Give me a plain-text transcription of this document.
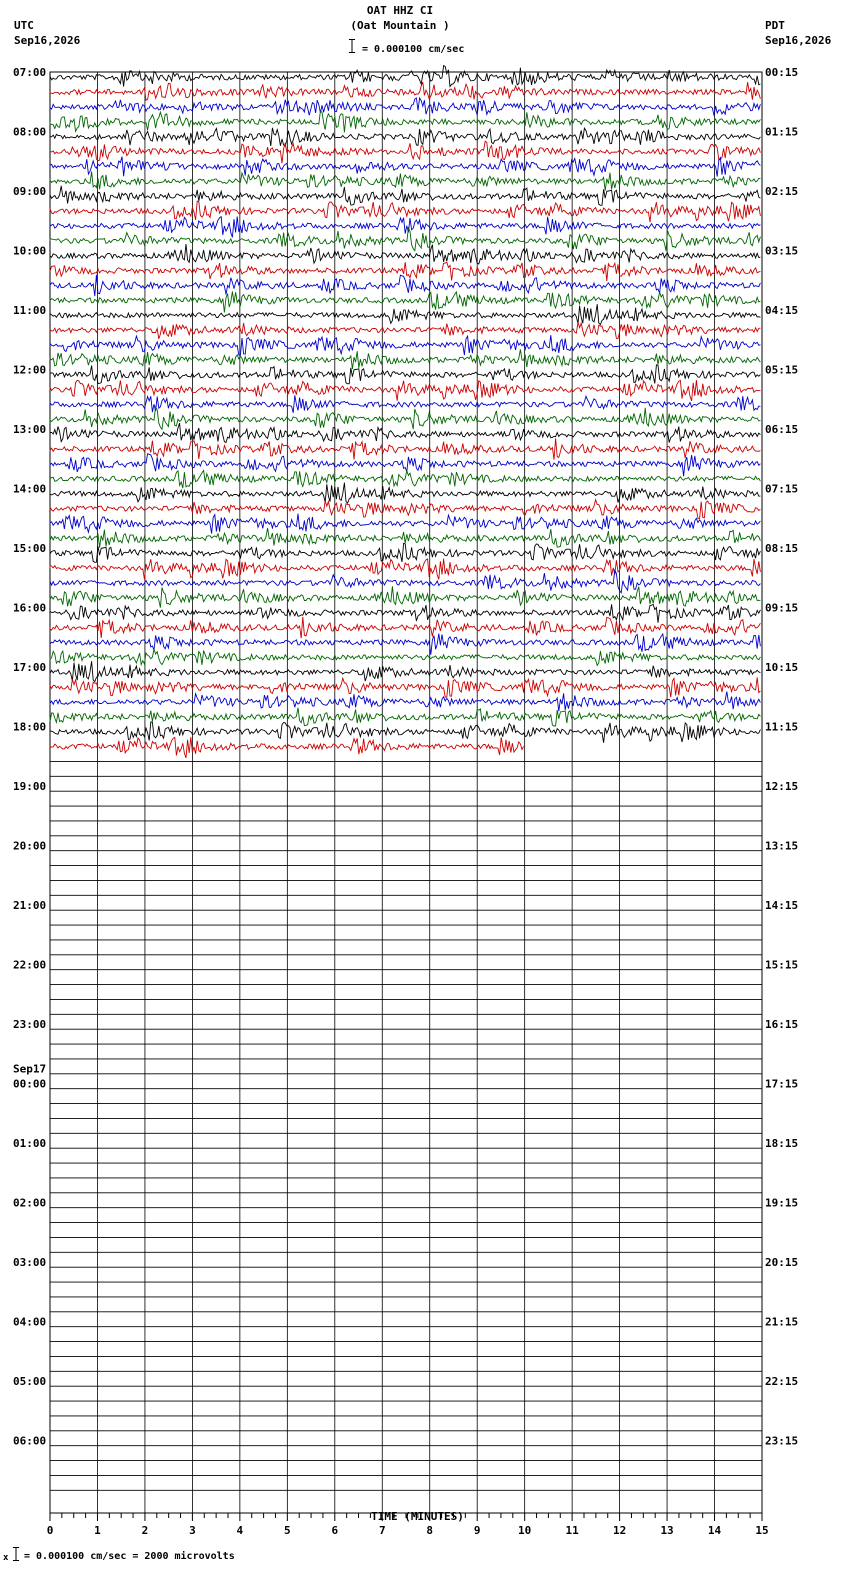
OAT HHZ CI
(Oat Mountain )
= 0.000100 cm/sec
UTC
Sep16,2026
PDT
Sep16,2026
07:00	00:15
08:00	01:15
09:00	02:15
10:00	03:15
11:00	04:15
12:00	05:15
13:00	06:15
14:00	07:15
15:00	08:15
16:00	09:15
17:00	10:15
18:00	11:15
19:00	12:15
20:00	13:15
21:00	14:15
22:00	15:15
23:00	16:15
Sep17
00:00	17:15
01:00	18:15
02:00	19:15
03:00	20:15
04:00	21:15
05:00	22:15
06:00	23:15
0	1	2	3	4	5	6	7	8	9	10	11	12	13	14	15
TIME (MINUTES)
x = 0.000100 cm/sec = 2000 microvolts
